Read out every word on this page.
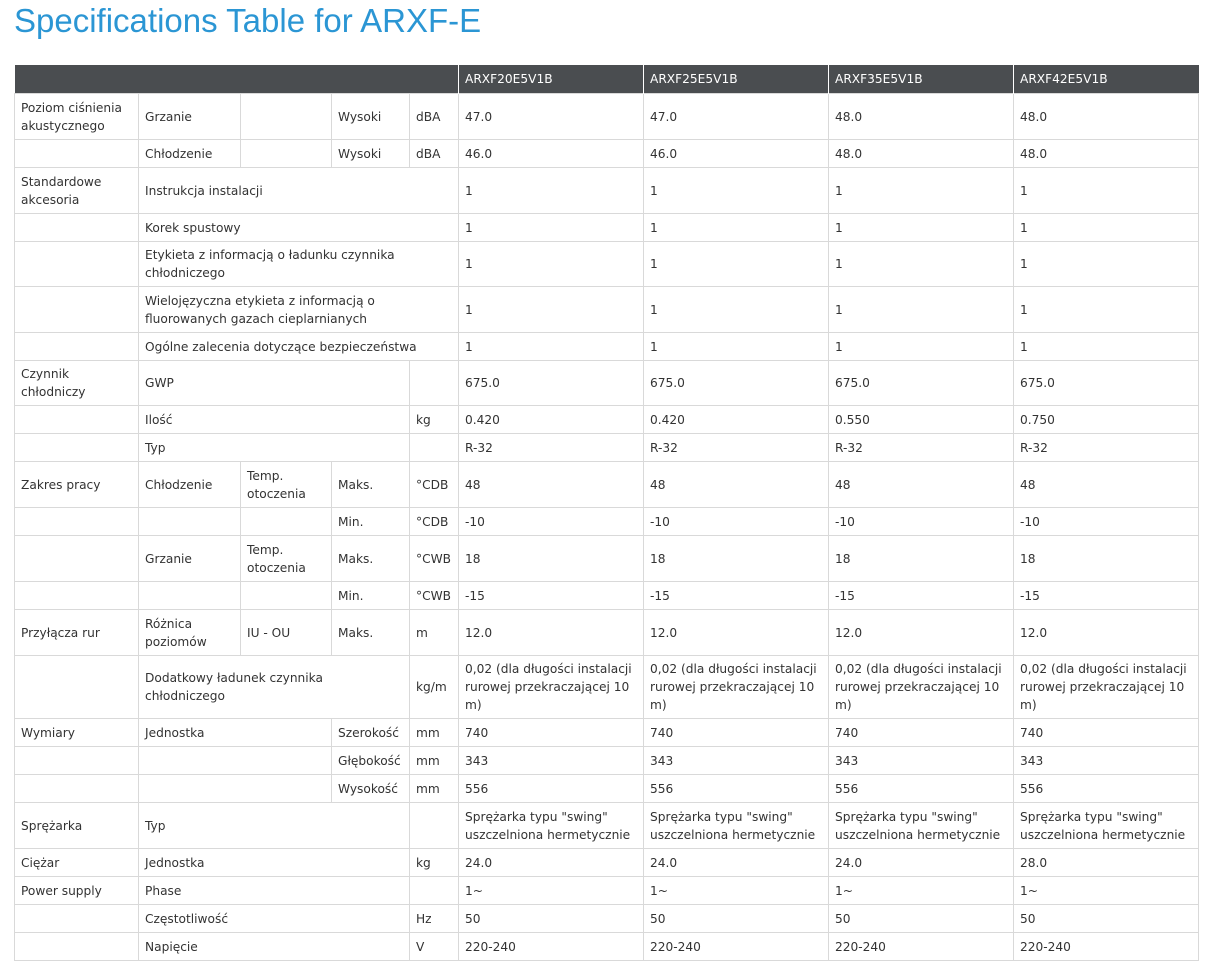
Specifications Table for ARXF-E
					ARXF20E5V1B	ARXF25E5V1B	ARXF35E5V1B	ARXF42E5V1B
Poziom ciśnienia akustycznego	Grzanie		Wysoki	dBA	47.0	47.0	48.0	48.0
	Chłodzenie		Wysoki	dBA	46.0	46.0	48.0	48.0
Standardowe akcesoria	Instrukcja instalacji				1	1	1	1
	Korek spustowy				1	1	1	1
	Etykieta z informacją o ładunku czynnika chłodniczego				1	1	1	1
	Wielojęzyczna etykieta z informacją o fluorowanych gazach cieplarnianych				1	1	1	1
	Ogólne zalecenia dotyczące bezpieczeństwa				1	1	1	1
Czynnik chłodniczy	GWP				675.0	675.0	675.0	675.0
	Ilość			kg	0.420	0.420	0.550	0.750
	Typ				R-32	R-32	R-32	R-32
Zakres pracy	Chłodzenie	Temp. otoczenia	Maks.	°CDB	48	48	48	48
			Min.	°CDB	-10	-10	-10	-10
	Grzanie	Temp. otoczenia	Maks.	°CWB	18	18	18	18
			Min.	°CWB	-15	-15	-15	-15
Przyłącza rur	Różnica poziomów	IU - OU	Maks.	m	12.0	12.0	12.0	12.0
	Dodatkowy ładunek czynnika chłodniczego			kg/m	0,02 (dla długości instalacji rurowej przekraczającej 10 m)	0,02 (dla długości instalacji rurowej przekraczającej 10 m)	0,02 (dla długości instalacji rurowej przekraczającej 10 m)	0,02 (dla długości instalacji rurowej przekraczającej 10 m)
Wymiary	Jednostka		Szerokość	mm	740	740	740	740
			Głębokość	mm	343	343	343	343
			Wysokość	mm	556	556	556	556
Sprężarka	Typ				Sprężarka typu "swing" uszczelniona hermetycznie	Sprężarka typu "swing" uszczelniona hermetycznie	Sprężarka typu "swing" uszczelniona hermetycznie	Sprężarka typu "swing" uszczelniona hermetycznie
Ciężar	Jednostka			kg	24.0	24.0	24.0	28.0
Power supply	Phase				1~	1~	1~	1~
	Częstotliwość			Hz	50	50	50	50
	Napięcie			V	220-240	220-240	220-240	220-240
